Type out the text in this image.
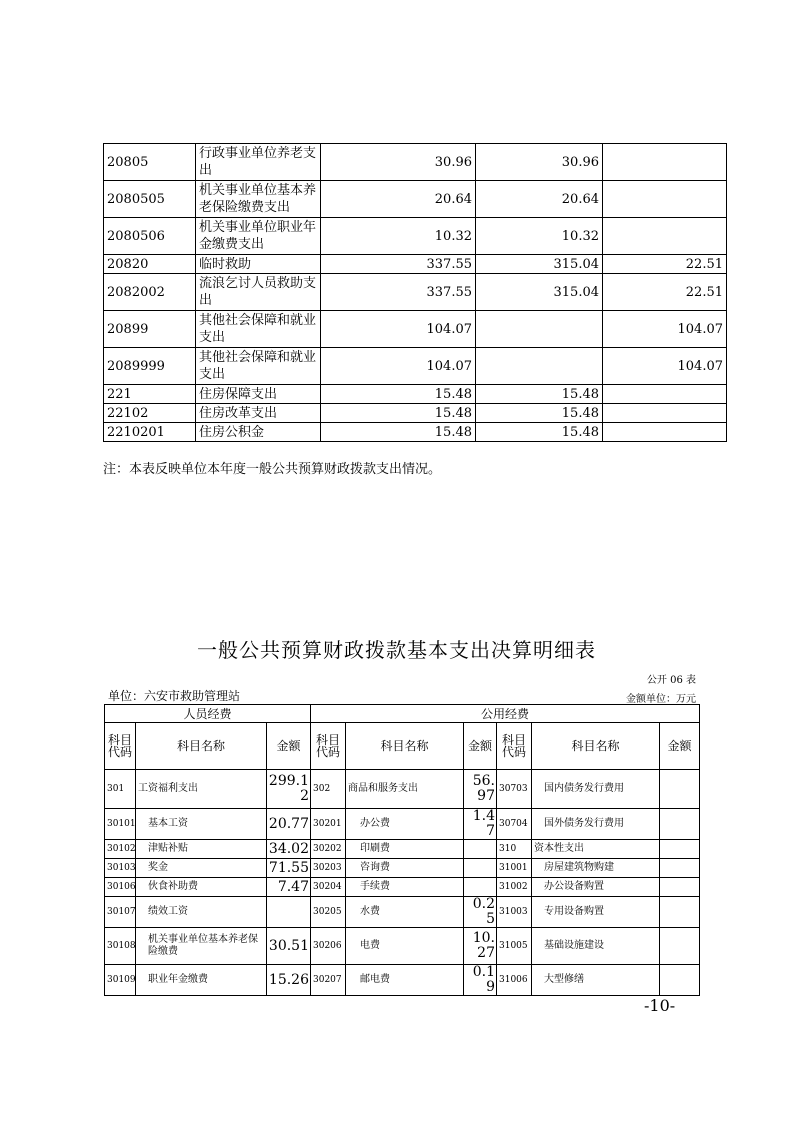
20805	行政事业单位养老支出	30.96	30.96	
2080505	机关事业单位基本养老保险缴费支出	20.64	20.64	
2080506	机关事业单位职业年金缴费支出	10.32	10.32	
20820	临时救助	337.55	315.04	22.51
2082002	流浪乞讨人员救助支出	337.55	315.04	22.51
20899	其他社会保障和就业支出	104.07		104.07
2089999	其他社会保障和就业支出	104.07		104.07
221	住房保障支出	15.48	15.48	
22102	住房改革支出	15.48	15.48	
2210201	住房公积金	15.48	15.48	
注：本表反映单位本年度一般公共预算财政拨款支出情况。
一般公共预算财政拨款基本支出决算明细表
公开 06 表
单位：六安市救助管理站	金额单位：万元
人员经费			公用经费					
科目代码	科目名称	金额	科目代码	科目名称	金额	科目代码	科目名称	金额
301	工资福利支出	299.12	302	商品和服务支出	56.97	30703	国内债务发行费用	
30101	基本工资	20.77	30201	办公费	1.47	30704	国外债务发行费用	
30102	津贴补贴	34.02	30202	印刷费		310	资本性支出	
30103	奖金	71.55	30203	咨询费		31001	房屋建筑物购建	
30106	伙食补助费	7.47	30204	手续费		31002	办公设备购置	
30107	绩效工资		30205	水费	0.25	31003	专用设备购置	
30108	机关事业单位基本养老保险缴费	30.51	30206	电费	10.27	31005	基础设施建设	
30109	职业年金缴费	15.26	30207	邮电费	0.19	31006	大型修缮	
-10-
